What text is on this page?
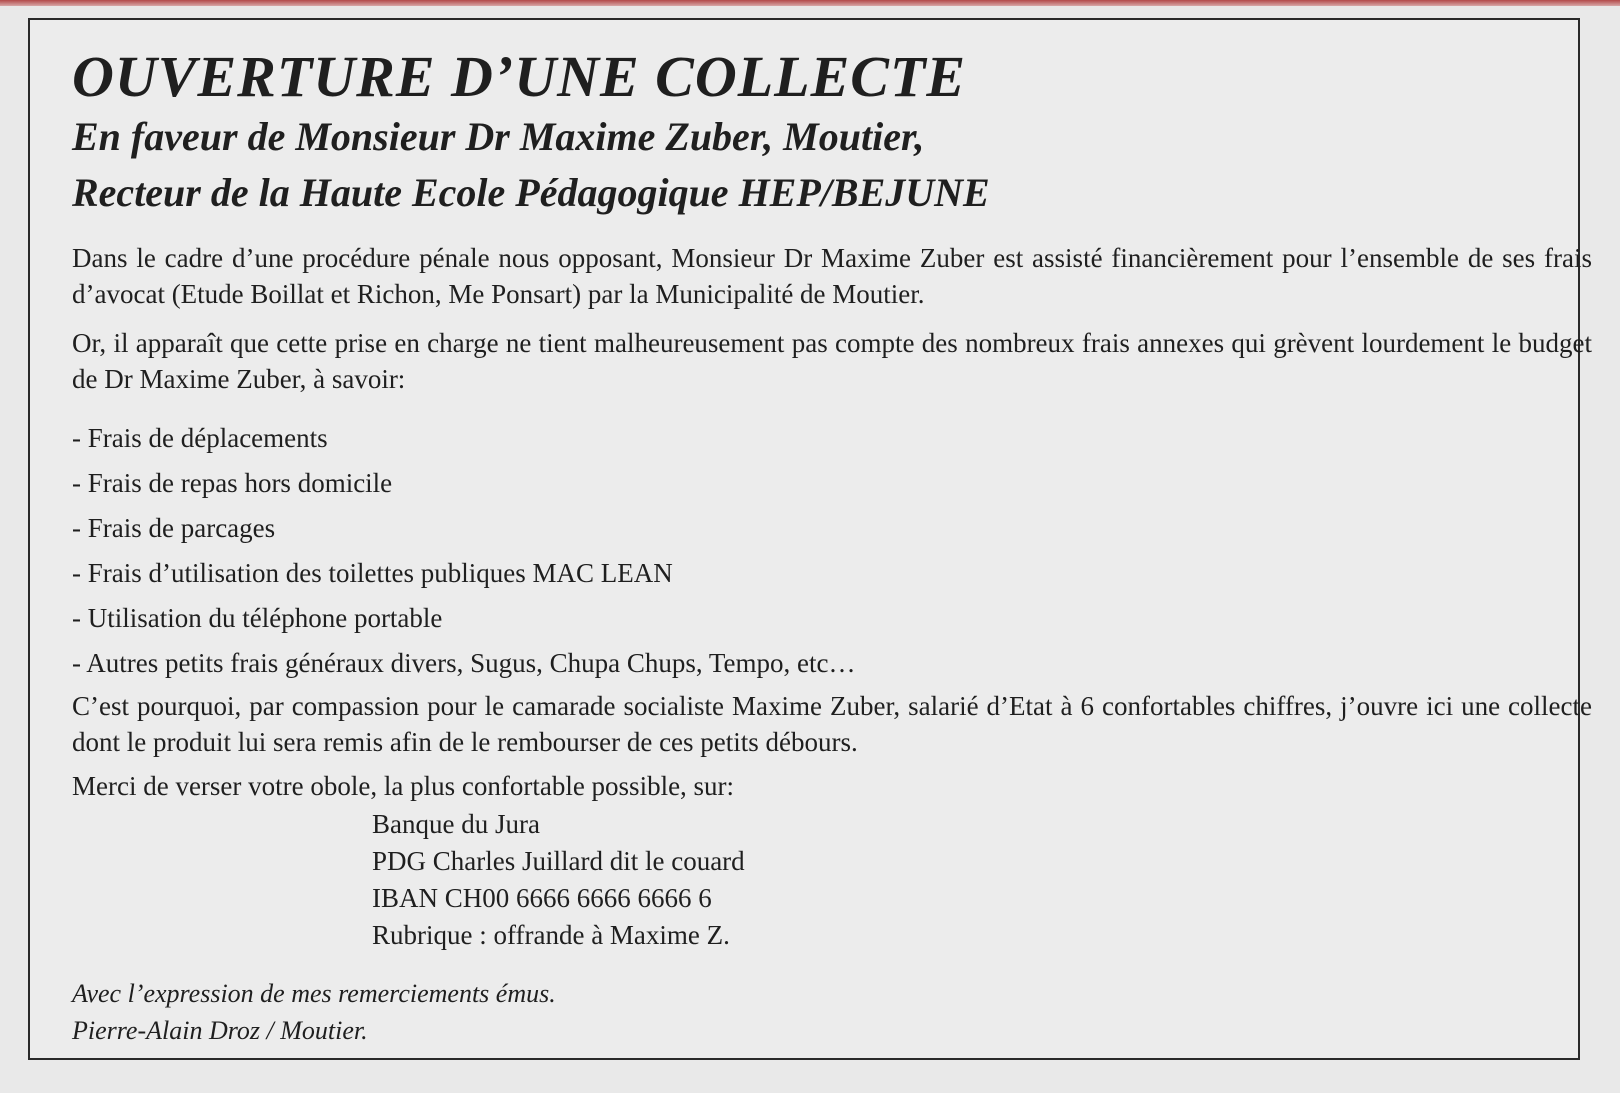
OUVERTURE D’UNE COLLECTE
En faveur de Monsieur Dr Maxime Zuber, Moutier,
Recteur de la Haute Ecole Pédagogique HEP/BEJUNE

Dans le cadre d’une procédure pénale nous opposant, Monsieur Dr Maxime Zuber est assisté financièrement pour l’ensemble de ses frais d’avocat (Etude Boillat et Richon, Me Ponsart) par la Municipalité de Moutier.

Or, il apparaît que cette prise en charge ne tient malheureusement pas compte des nombreux frais annexes qui grèvent lourdement le budget de Dr Maxime Zuber, à savoir:

- Frais de déplacements
- Frais de repas hors domicile
- Frais de parcages
- Frais d’utilisation des toilettes publiques MAC LEAN
- Utilisation du téléphone portable
- Autres petits frais généraux divers, Sugus, Chupa Chups, Tempo, etc…

C’est pourquoi, par compassion pour le camarade socialiste Maxime Zuber, salarié d’Etat à 6 confortables chiffres, j’ouvre ici une collecte dont le produit lui sera remis afin de le rembourser de ces petits débours.

Merci de verser votre obole, la plus confortable possible, sur:

Banque du Jura
PDG Charles Juillard dit le couard
IBAN CH00 6666 6666 6666 6
Rubrique : offrande à Maxime Z.
Avec l’expression de mes remerciements émus.
Pierre-Alain Droz / Moutier.
